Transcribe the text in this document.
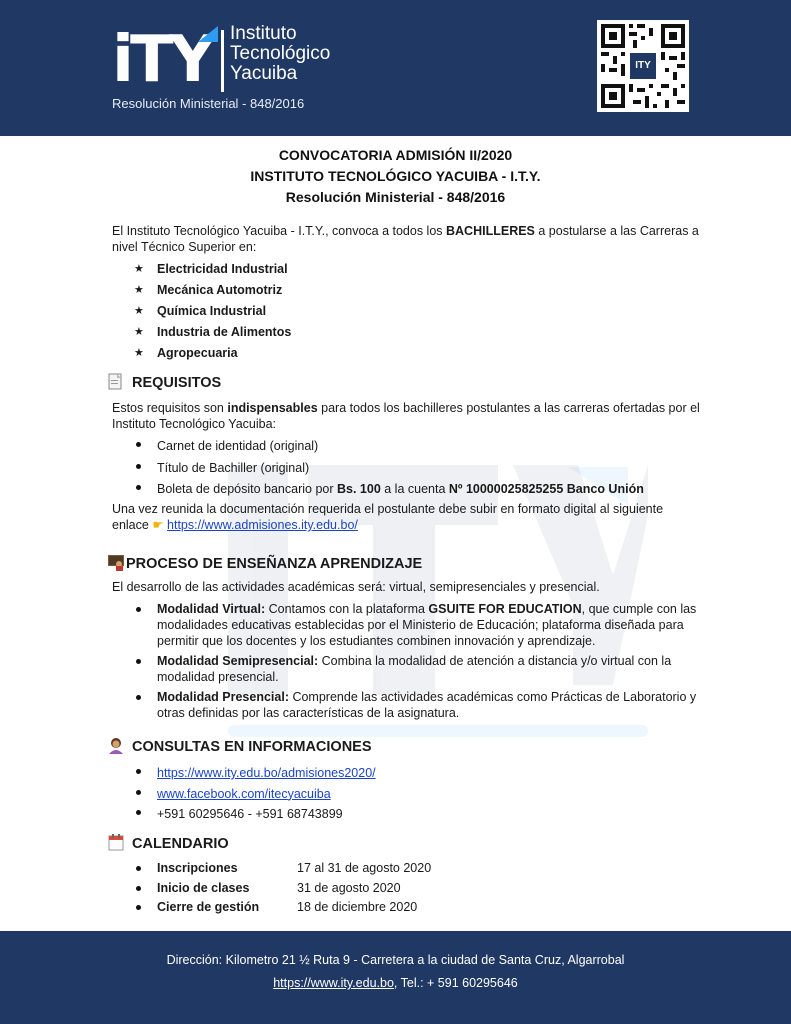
iTY Instituto
Tecnológico
Yacuiba
Resolución Ministerial - 848/2016
ITY
CONVOCATORIA ADMISIÓN II/2020
INSTITUTO TECNOLÓGICO YACUIBA - I.T.Y.
Resolución Ministerial - 848/2016

El Instituto Tecnológico Yacuiba - I.T.Y., convoca a todos los BACHILLERES a postularse a las Carreras a nivel Técnico Superior en:

★ Electricidad Industrial
★ Mecánica Automotriz
★ Química Industrial
★ Industria de Alimentos
★ Agropecuaria
REQUISITOS

Estos requisitos son indispensables para todos los bachilleres postulantes a las carreras ofertadas por el Instituto Tecnológico Yacuiba:

Carnet de identidad (original)
Título de Bachiller (original)
Boleta de depósito bancario por Bs. 100 a la cuenta Nº 10000025825255 Banco Unión

Una vez reunida la documentación requerida el postulante debe subir en formato digital al siguiente enlace ☛ https://www.admisiones.ity.edu.bo/

PROCESO DE ENSEÑANZA APRENDIZAJE

El desarrollo de las actividades académicas será: virtual, semipresenciales y presencial.

Modalidad Virtual: Contamos con la plataforma GSUITE FOR EDUCATION, que cumple con las modalidades educativas establecidas por el Ministerio de Educación; plataforma diseñada para permitir que los docentes y los estudiantes combinen innovación y aprendizaje.
Modalidad Semipresencial: Combina la modalidad de atención a distancia y/o virtual con la modalidad presencial.
Modalidad Presencial: Comprende las actividades académicas como Prácticas de Laboratorio y otras definidas por las características de la asignatura.
CONSULTAS EN INFORMACIONES
https://www.ity.edu.bo/admisiones2020/
www.facebook.com/itecyacuiba
+591 60295646 - +591 68743899
CALENDARIO
Inscripciones	17 al 31 de agosto 2020
Inicio de clases	31 de agosto 2020
Cierre de gestión	18 de diciembre 2020
Dirección: Kilometro 21 ½ Ruta 9 - Carretera a la ciudad de Santa Cruz, Algarrobal
https://www.ity.edu.bo, Tel.: + 591 60295646
